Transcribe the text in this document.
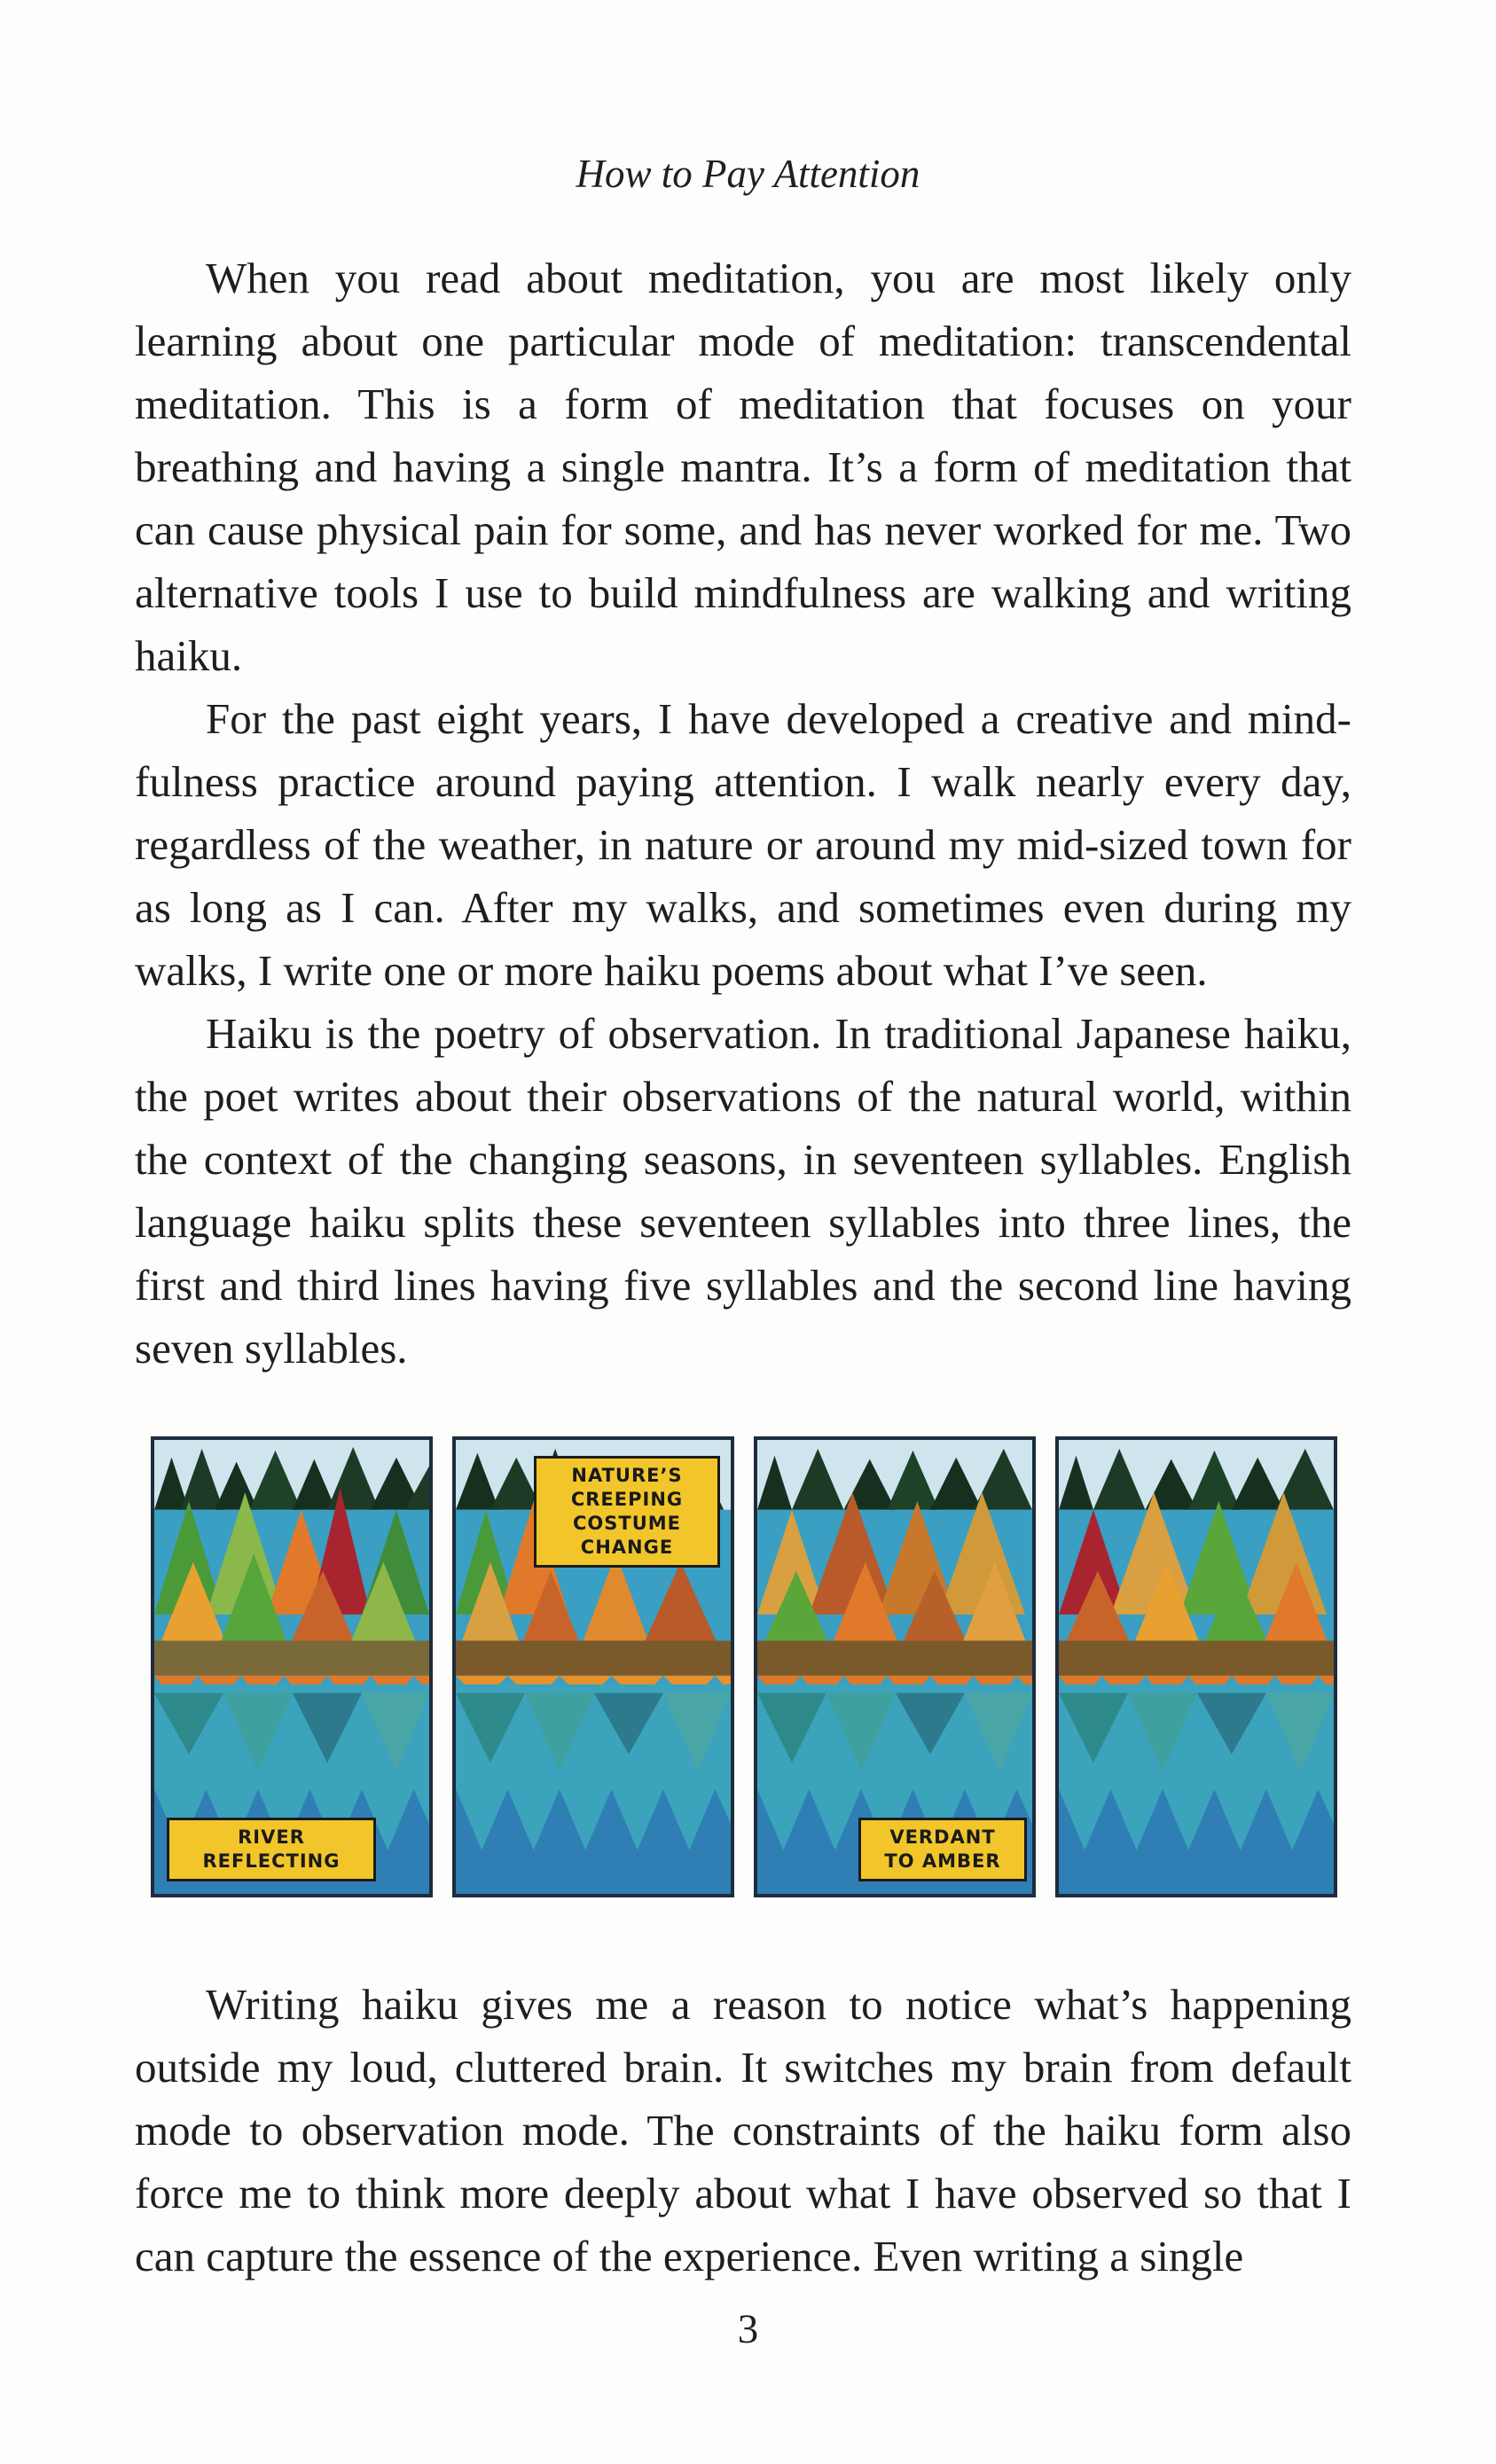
How to Pay Attention

When you read about meditation, you are most likely only learning about one particular mode of meditation: transcendental meditation. This is a form of meditation that focuses on your breathing and having a single mantra. It’s a form of meditation that can cause physical pain for some, and has never worked for me. Two alternative tools I use to build mindfulness are walking and writing haiku.

For the past eight years, I have developed a creative and mindfulness practice around paying attention. I walk nearly every day, regardless of the weather, in nature or around my mid-sized town for as long as I can. After my walks, and sometimes even during my walks, I write one or more haiku poems about what I’ve seen.

Haiku is the poetry of observation. In traditional Japanese haiku, the poet writes about their observations of the natural world, within the context of the changing seasons, in seventeen syllables. English language haiku splits these seventeen syllables into three lines, the first and third lines having five syllables and the second line having seven syllables.

RIVER
REFLECTING
NATURE’S
CREEPING
COSTUME
CHANGE
VERDANT
TO AMBER

Writing haiku gives me a reason to notice what’s happening outside my loud, cluttered brain. It switches my brain from default mode to observation mode. The constraints of the haiku form also force me to think more deeply about what I have observed so that I can capture the essence of the experience. Even writing a single

3
